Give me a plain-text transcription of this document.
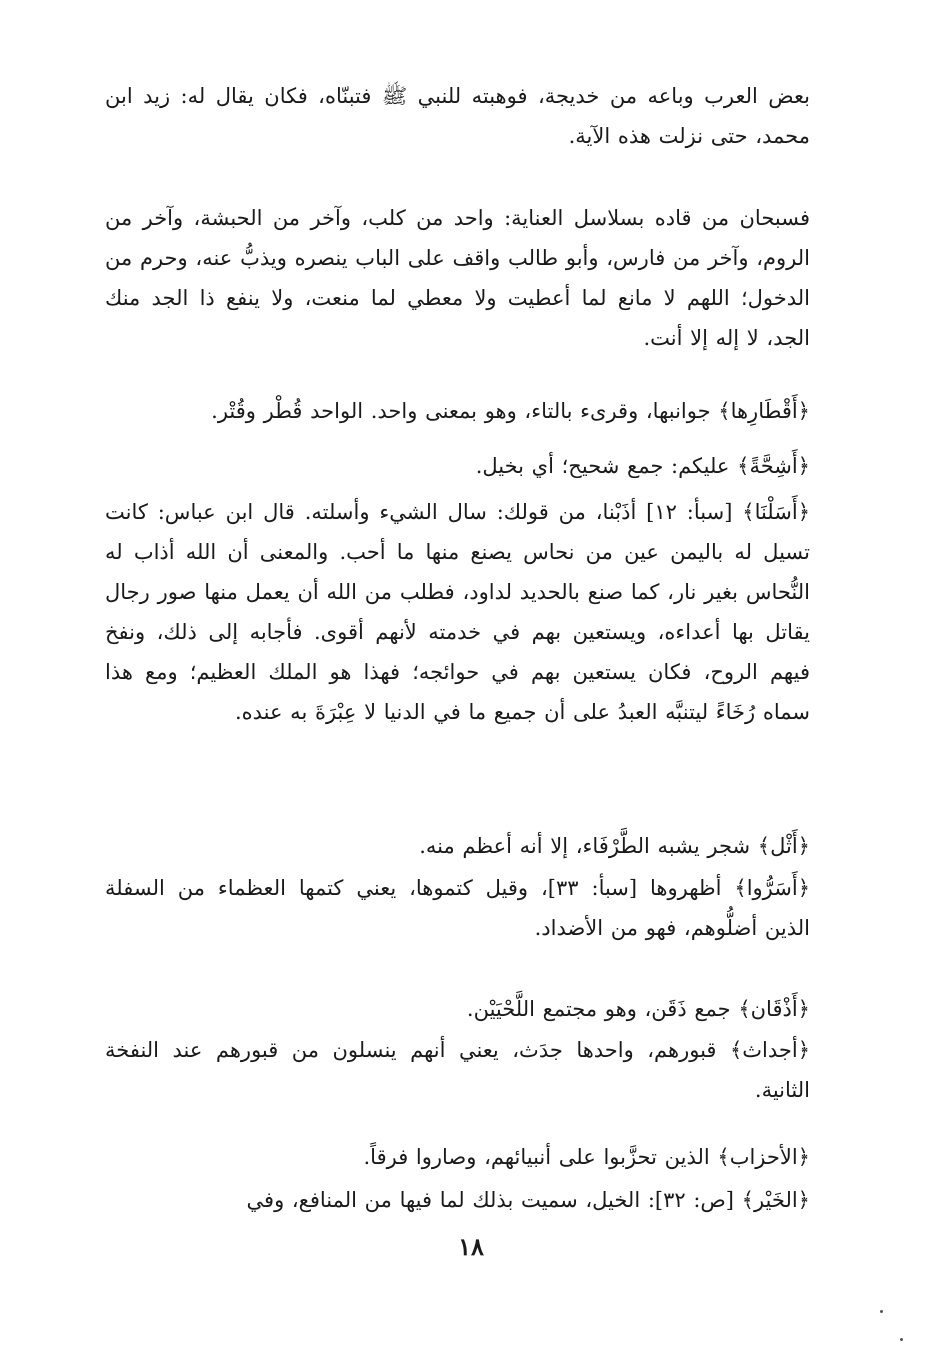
بعض العرب وباعه من خديجة، فوهبته للنبي ﷺ فتبنّاه، فكان يقال له: زيد ابن محمد، حتى نزلت هذه الآية.

فسبحان من قاده بسلاسل العناية: واحد من كلب، وآخر من الحبشة، وآخر من الروم، وآخر من فارس، وأبو طالب واقف على الباب ينصره ويذبُّ عنه، وحرم من الدخول؛ اللهم لا مانع لما أعطيت ولا معطي لما منعت، ولا ينفع ذا الجد منك الجد، لا إله إلا أنت.

﴿أَقْطَارِها﴾ جوانبها، وقرىء بالتاء، وهو بمعنى واحد. الواحد قُطْر وقُتْر.

﴿أَشِحَّةً﴾ عليكم: جمع شحيح؛ أي بخيل.

﴿أَسَلْنَا﴾ [سبأ: ١٢] أذَبْنا، من قولك: سال الشيء وأسلته. قال ابن عباس: كانت تسيل له باليمن عين من نحاس يصنع منها ما أحب. والمعنى أن الله أذاب له النُّحاس بغير نار، كما صنع بالحديد لداود، فطلب من الله أن يعمل منها صور رجال يقاتل بها أعداءه، ويستعين بهم في خدمته لأنهم أقوى. فأجابه إلى ذلك، ونفخ فيهم الروح، فكان يستعين بهم في حوائجه؛ فهذا هو الملك العظيم؛ ومع هذا سماه رُخَاءً ليتنبَّه العبدُ على أن جميع ما في الدنيا لا عِبْرَةَ به عنده.

﴿أَثْل﴾ شجر يشبه الطَّرْفَاء، إلا أنه أعظم منه.

﴿أَسَرُّوا﴾ أظهروها [سبأ: ٣٣]، وقيل كتموها، يعني كتمها العظماء من السفلة الذين أضلُّوهم، فهو من الأضداد.

﴿أَذْقَان﴾ جمع ذَقَن، وهو مجتمع اللَّحْيَيْن.

﴿أجداث﴾ قبورهم، واحدها جدَث، يعني أنهم ينسلون من قبورهم عند النفخة الثانية.

﴿الأحزاب﴾ الذين تحزَّبوا على أنبيائهم، وصاروا فرقاً.

﴿الخَيْر﴾ [ص: ٣٢]: الخيل، سميت بذلك لما فيها من المنافع، وفي

١٨
